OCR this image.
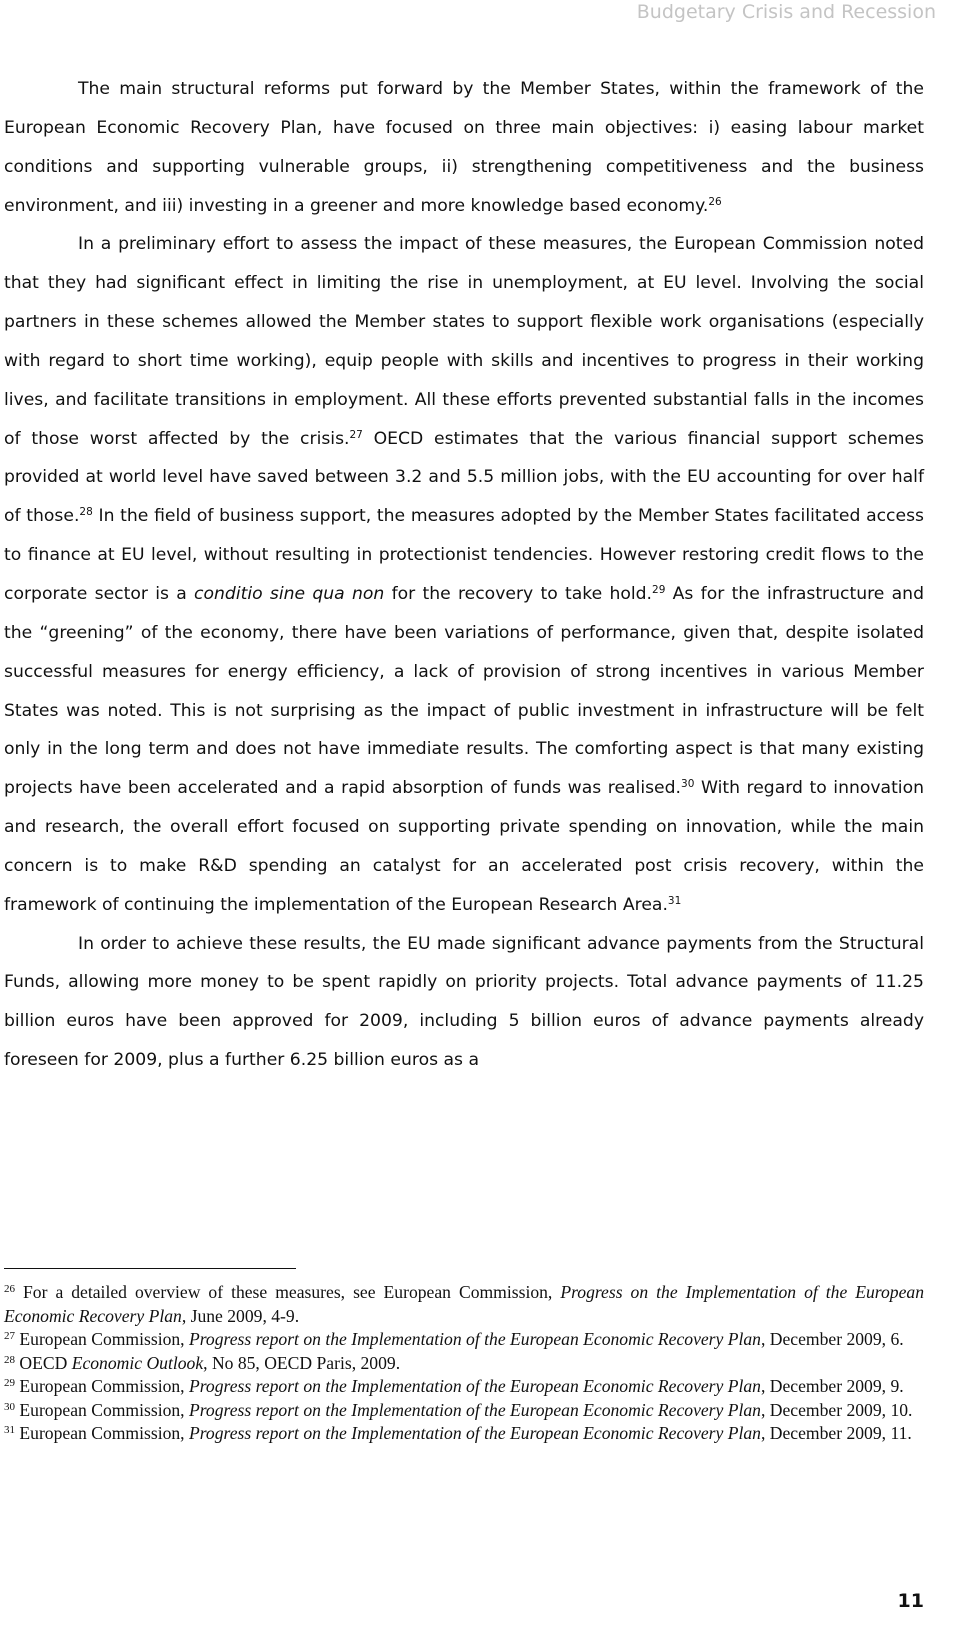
Budgetary Crisis and Recession

The main structural reforms put forward by the Member States, within the framework of the European Economic Recovery Plan, have focused on three main objectives: i) easing labour market conditions and supporting vulnerable groups, ii) strengthening competitiveness and the business environment, and iii) investing in a greener and more knowledge based economy.$^{26}$

In a preliminary effort to assess the impact of these measures, the European Commission noted that they had significant effect in limiting the rise in unemployment, at EU level. Involving the social partners in these schemes allowed the Member states to support flexible work organisations (especially with regard to short time working), equip people with skills and incentives to progress in their working lives, and facilitate transitions in employment. All these efforts prevented substantial falls in the incomes of those worst affected by the crisis.$^{27}$ OECD estimates that the various financial support schemes provided at world level have saved between 3.2 and 5.5 million jobs, with the EU accounting for over half of those.$^{28}$ In the field of business support, the measures adopted by the Member States facilitated access to finance at EU level, without resulting in protectionist tendencies. However restoring credit flows to the corporate sector is a conditio sine qua non for the recovery to take hold.$^{29}$ As for the infrastructure and the “greening” of the economy, there have been variations of performance, given that, despite isolated successful measures for energy efficiency, a lack of provision of strong incentives in various Member States was noted. This is not surprising as the impact of public investment in infrastructure will be felt only in the long term and does not have immediate results. The comforting aspect is that many existing projects have been accelerated and a rapid absorption of funds was realised.$^{30}$ With regard to innovation and research, the overall effort focused on supporting private spending on innovation, while the main concern is to make R&D spending an catalyst for an accelerated post crisis recovery, within the framework of continuing the implementation of the European Research Area.$^{31}$

In order to achieve these results, the EU made significant advance payments from the Structural Funds, allowing more money to be spent rapidly on priority projects. Total advance payments of 11.25 billion euros have been approved for 2009, including 5 billion euros of advance payments already foreseen for 2009, plus a further 6.25 billion euros as a

$^{26}$ For a detailed overview of these measures, see European Commission, Progress on the Implementation of the European Economic Recovery Plan, June 2009, 4-9.

$^{27}$ European Commission, Progress report on the Implementation of the European Economic Recovery Plan, December 2009, 6.

$^{28}$ OECD Economic Outlook, No 85, OECD Paris, 2009.

$^{29}$ European Commission, Progress report on the Implementation of the European Economic Recovery Plan, December 2009, 9.

$^{30}$ European Commission, Progress report on the Implementation of the European Economic Recovery Plan, December 2009, 10.

$^{31}$ European Commission, Progress report on the Implementation of the European Economic Recovery Plan, December 2009, 11.

11
